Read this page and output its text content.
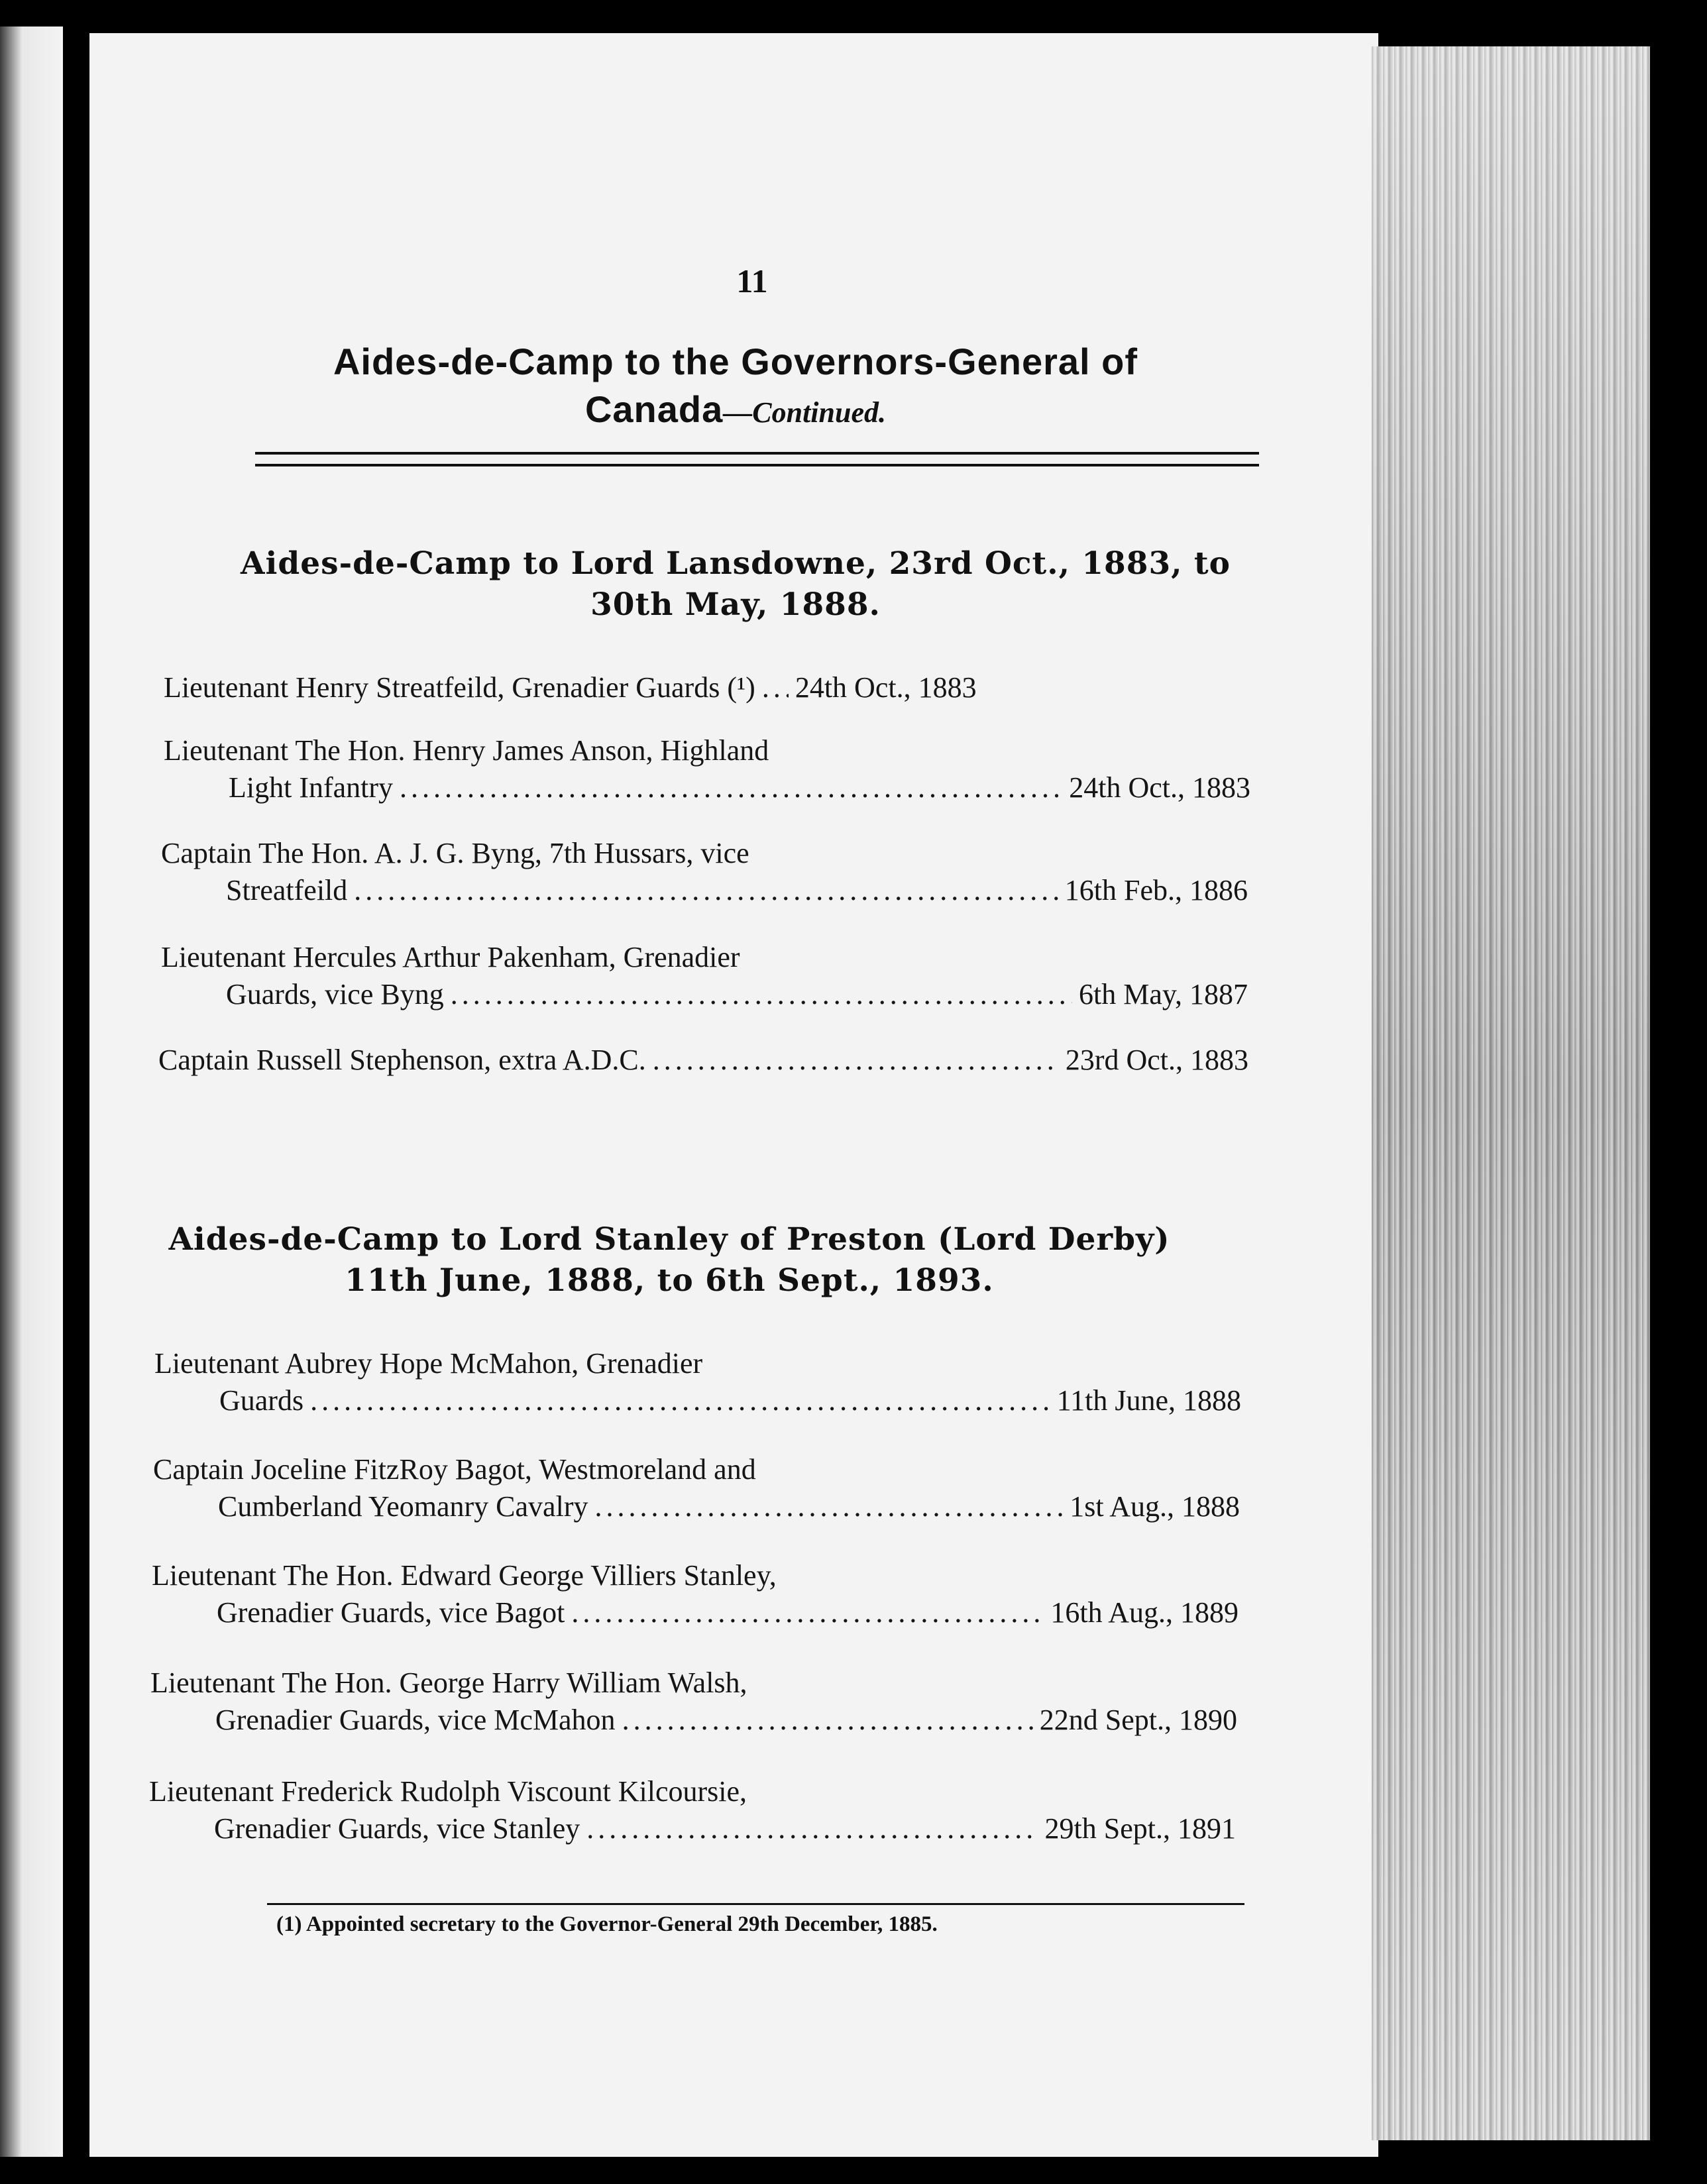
11
Aides-de-Camp to the Governors-General of
Canada—Continued.
Aides-de-Camp to Lord Lansdowne, 23rd Oct., 1883, to
30th May, 1888.
Lieutenant Henry Streatfeild, Grenadier Guards (¹) ..... 24th Oct., 1883
Lieutenant The Hon. Henry James Anson, Highland
Light Infantry .....	24th Oct., 1883
Captain The Hon. A. J. G. Byng, 7th Hussars, vice
Streatfeild .....	16th Feb., 1886
Lieutenant Hercules Arthur Pakenham, Grenadier
Guards, vice Byng .....	6th May, 1887
Captain Russell Stephenson, extra A.D.C. .....	23rd Oct., 1883
Aides-de-Camp to Lord Stanley of Preston (Lord Derby)
11th June, 1888, to 6th Sept., 1893.
Lieutenant Aubrey Hope McMahon, Grenadier
Guards .....	11th June, 1888
Captain Joceline FitzRoy Bagot, Westmoreland and
Cumberland Yeomanry Cavalry .....	1st Aug., 1888
Lieutenant The Hon. Edward George Villiers Stanley,
Grenadier Guards, vice Bagot .....	16th Aug., 1889
Lieutenant The Hon. George Harry William Walsh,
Grenadier Guards, vice McMahon .....	22nd Sept., 1890
Lieutenant Frederick Rudolph Viscount Kilcoursie,
Grenadier Guards, vice Stanley .....	29th Sept., 1891
(1) Appointed secretary to the Governor-General 29th December, 1885.
